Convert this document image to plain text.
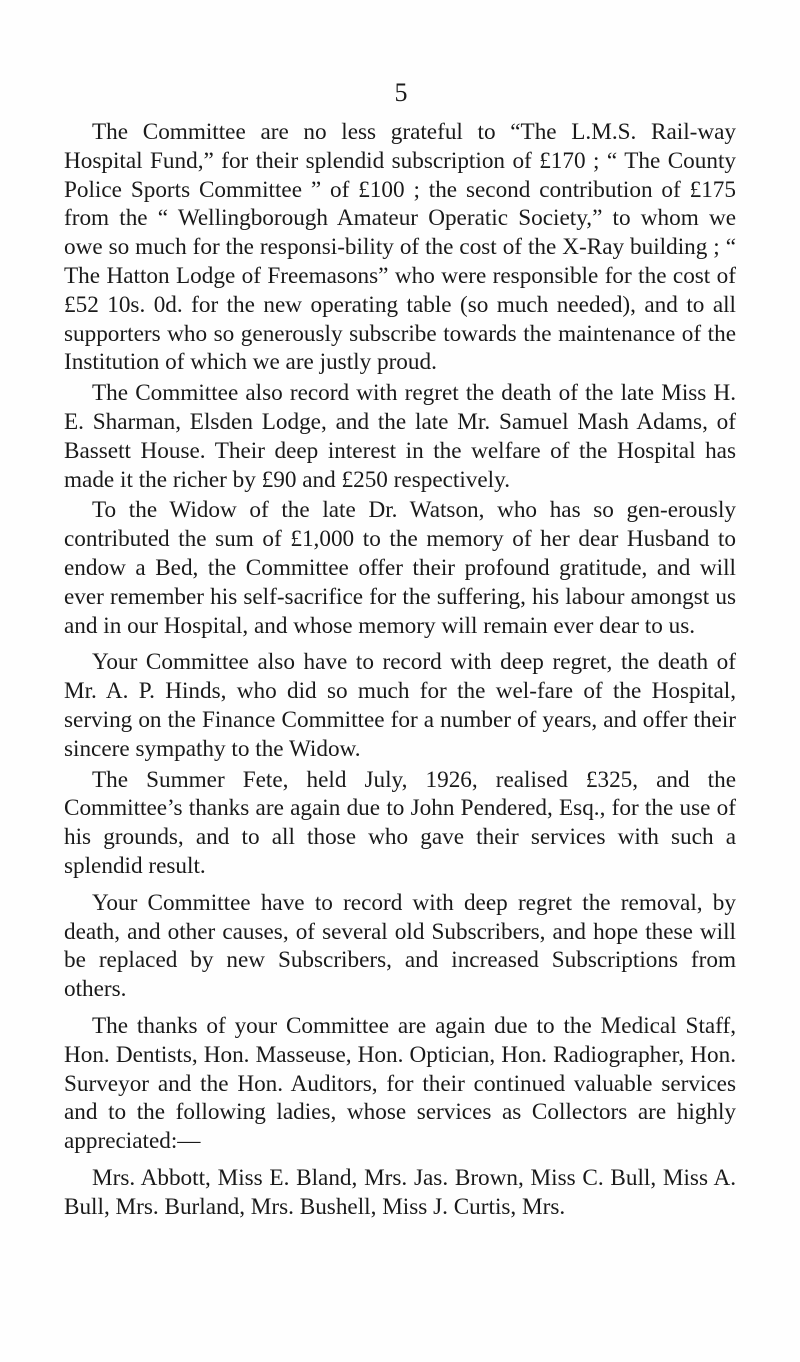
5

The Committee are no less grateful to “The L.M.S. Rail-way Hospital Fund,” for their splendid subscription of £170 ; “ The County Police Sports Committee ” of £100 ; the second contribution of £175 from the “ Wellingborough Amateur Operatic Society,” to whom we owe so much for the responsi-bility of the cost of the X-Ray building ; “ The Hatton Lodge of Freemasons” who were responsible for the cost of £52 10s. 0d. for the new operating table (so much needed), and to all supporters who so generously subscribe towards the maintenance of the Institution of which we are justly proud.

The Committee also record with regret the death of the late Miss H. E. Sharman, Elsden Lodge, and the late Mr. Samuel Mash Adams, of Bassett House. Their deep interest in the welfare of the Hospital has made it the richer by £90 and £250 respectively.

To the Widow of the late Dr. Watson, who has so gen-erously contributed the sum of £1,000 to the memory of her dear Husband to endow a Bed, the Committee offer their profound gratitude, and will ever remember his self-sacrifice for the suffering, his labour amongst us and in our Hospital, and whose memory will remain ever dear to us.

Your Committee also have to record with deep regret, the death of Mr. A. P. Hinds, who did so much for the wel-fare of the Hospital, serving on the Finance Committee for a number of years, and offer their sincere sympathy to the Widow.

The Summer Fete, held July, 1926, realised £325, and the Committee’s thanks are again due to John Pendered, Esq., for the use of his grounds, and to all those who gave their services with such a splendid result.

Your Committee have to record with deep regret the removal, by death, and other causes, of several old Subscribers, and hope these will be replaced by new Subscribers, and increased Subscriptions from others.

The thanks of your Committee are again due to the Medical Staff, Hon. Dentists, Hon. Masseuse, Hon. Optician, Hon. Radiographer, Hon. Surveyor and the Hon. Auditors, for their continued valuable services and to the following ladies, whose services as Collectors are highly appreciated:—

Mrs. Abbott, Miss E. Bland, Mrs. Jas. Brown, Miss C. Bull, Miss A. Bull, Mrs. Burland, Mrs. Bushell, Miss J. Curtis, Mrs.
